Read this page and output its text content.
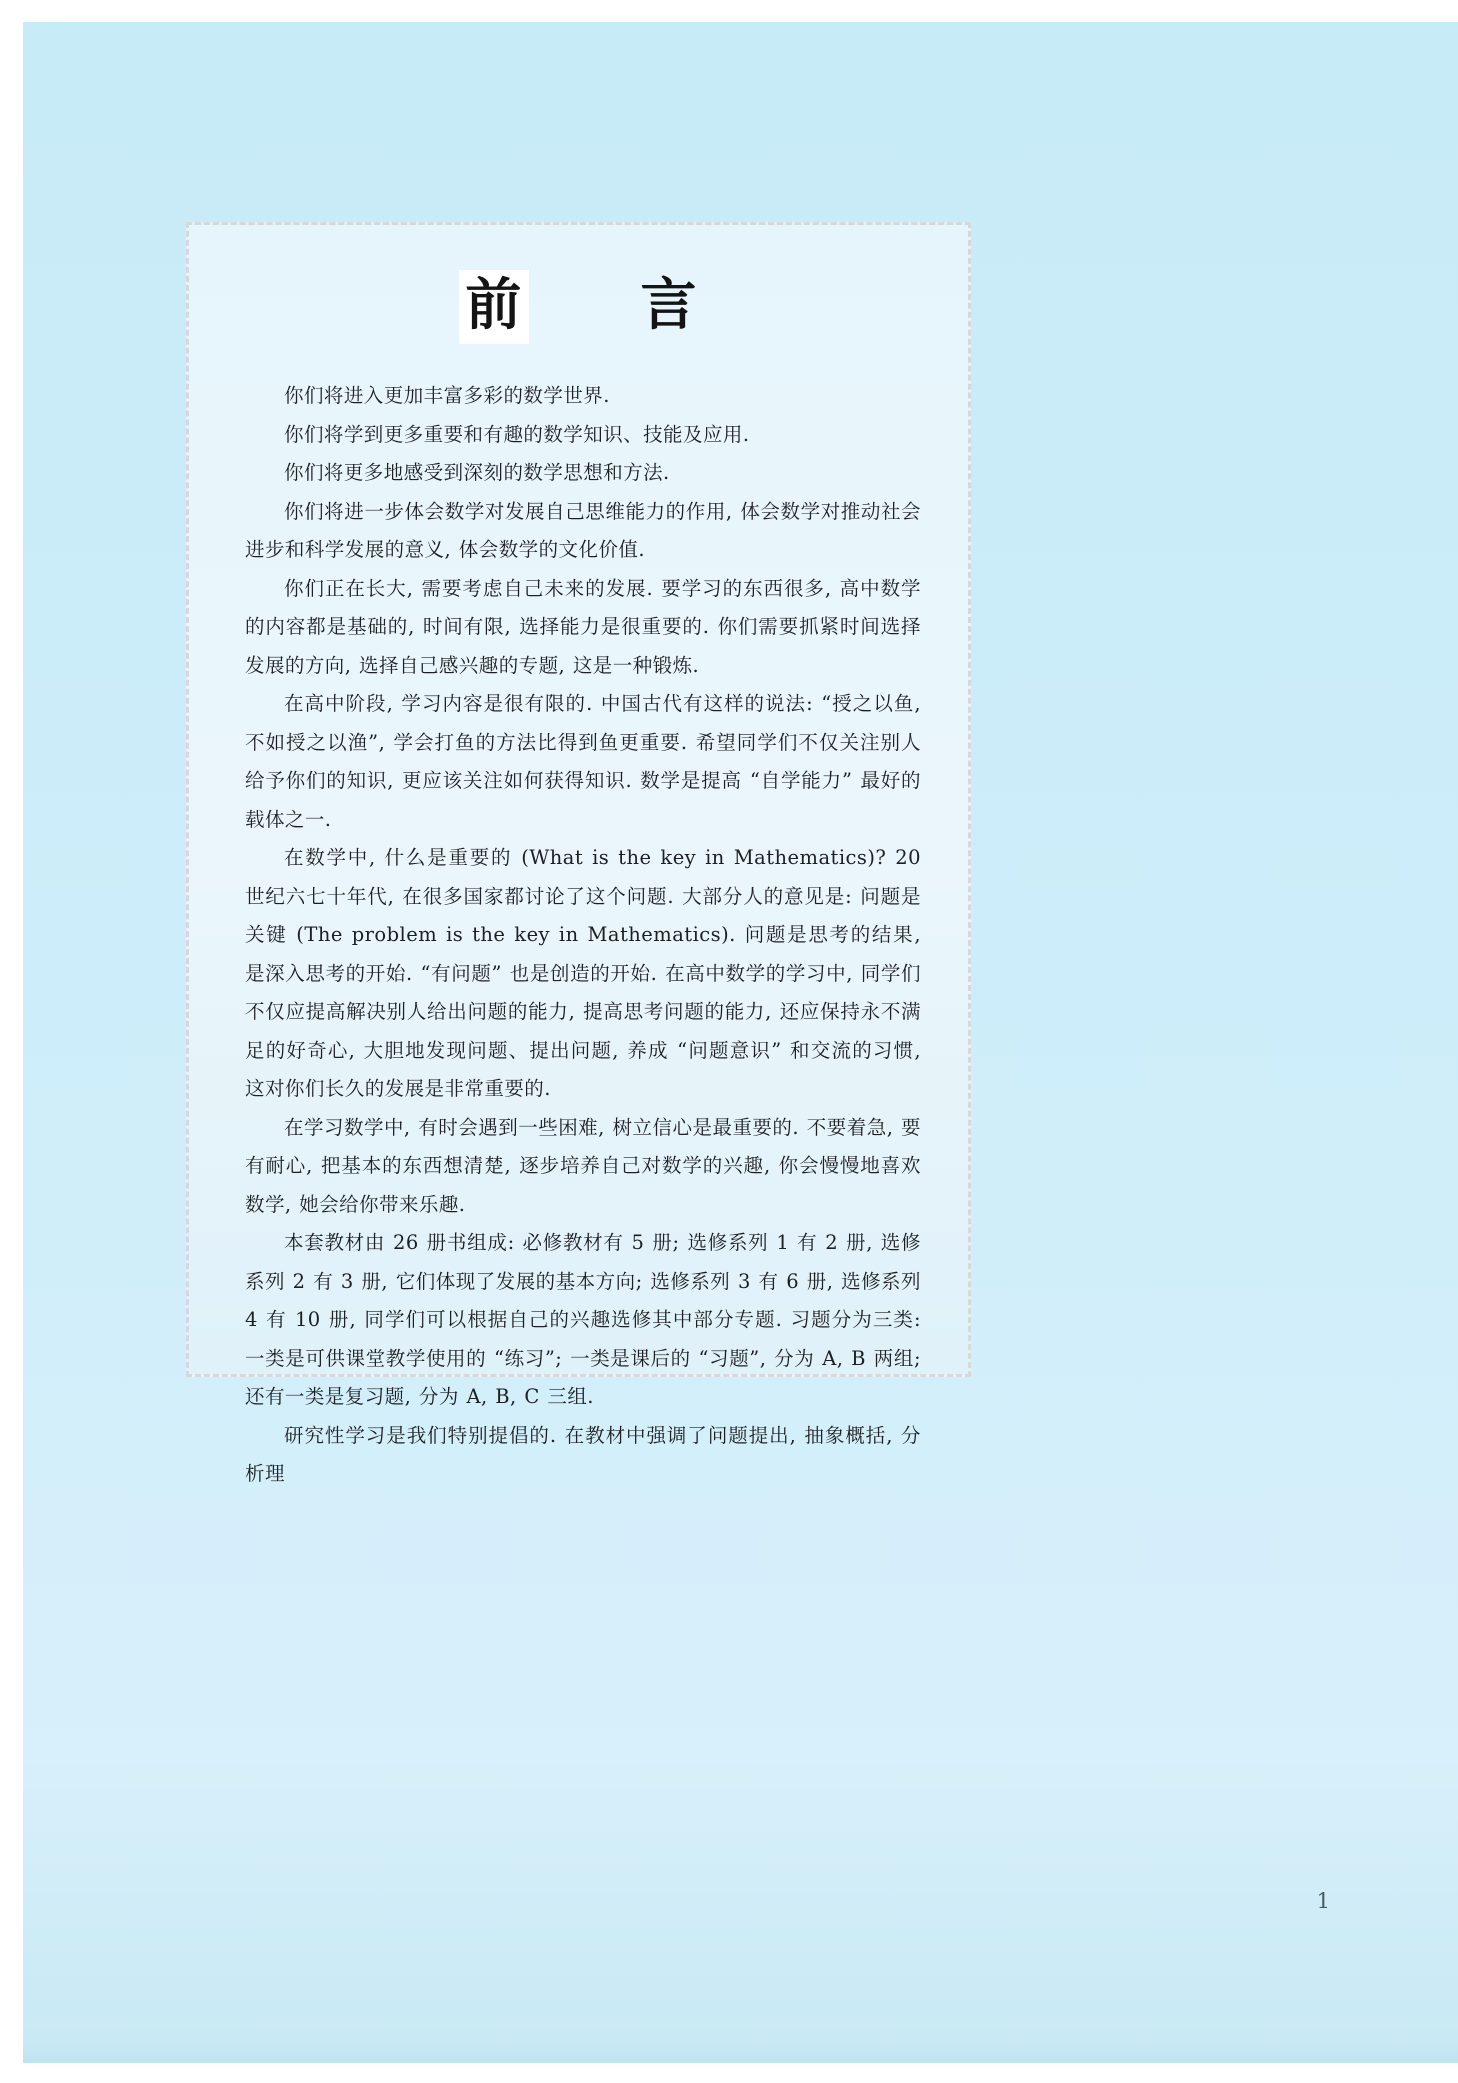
前 言

你们将进入更加丰富多彩的数学世界.

你们将学到更多重要和有趣的数学知识、技能及应用.

你们将更多地感受到深刻的数学思想和方法.

你们将进一步体会数学对发展自己思维能力的作用, 体会数学对推动社会进步和科学发展的意义, 体会数学的文化价值.

你们正在长大, 需要考虑自己未来的发展. 要学习的东西很多, 高中数学的内容都是基础的, 时间有限, 选择能力是很重要的. 你们需要抓紧时间选择发展的方向, 选择自己感兴趣的专题, 这是一种锻炼.

在高中阶段, 学习内容是很有限的. 中国古代有这样的说法: “授之以鱼, 不如授之以渔”, 学会打鱼的方法比得到鱼更重要. 希望同学们不仅关注别人给予你们的知识, 更应该关注如何获得知识. 数学是提高 “自学能力” 最好的载体之一.

在数学中, 什么是重要的 (What is the key in Mathematics)? 20 世纪六七十年代, 在很多国家都讨论了这个问题. 大部分人的意见是: 问题是关键 (The problem is the key in Mathematics). 问题是思考的结果, 是深入思考的开始. “有问题” 也是创造的开始. 在高中数学的学习中, 同学们不仅应提高解决别人给出问题的能力, 提高思考问题的能力, 还应保持永不满足的好奇心, 大胆地发现问题、提出问题, 养成 “问题意识” 和交流的习惯, 这对你们长久的发展是非常重要的.

在学习数学中, 有时会遇到一些困难, 树立信心是最重要的. 不要着急, 要有耐心, 把基本的东西想清楚, 逐步培养自己对数学的兴趣, 你会慢慢地喜欢数学, 她会给你带来乐趣.

本套教材由 26 册书组成: 必修教材有 5 册; 选修系列 1 有 2 册, 选修系列 2 有 3 册, 它们体现了发展的基本方向; 选修系列 3 有 6 册, 选修系列 4 有 10 册, 同学们可以根据自己的兴趣选修其中部分专题. 习题分为三类: 一类是可供课堂教学使用的 “练习”; 一类是课后的 “习题”, 分为 A, B 两组; 还有一类是复习题, 分为 A, B, C 三组.

研究性学习是我们特别提倡的. 在教材中强调了问题提出, 抽象概括, 分析理

1
